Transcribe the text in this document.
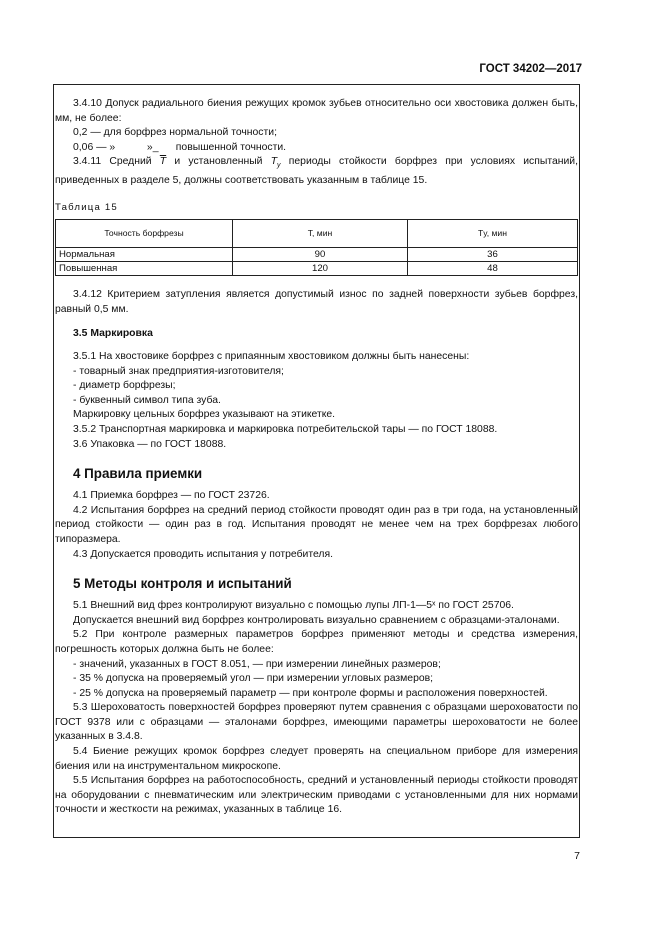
ГОСТ 34202—2017

3.4.10 Допуск радиального биения режущих кромок зубьев относительно оси хвостовика должен быть, мм, не более:

0,2 — для борфрез нормальной точности;

0,06 — »           »_      повышенной точности.

3.4.11 Средний $\overline{T}$ и установленный $T_у$ периоды стойкости борфрез при условиях испытаний, приведенных в разделе 5, должны соответствовать указанным в таблице 15.

Таблица 15
Точность борфрезы	T, мин	Tу, мин
Нормальная	90	36
Повышенная	120	48

3.4.12 Критерием затупления является допустимый износ по задней поверхности зубьев борфрез, равный 0,5 мм.

3.5 Маркировка

3.5.1 На хвостовике борфрез с припаянным хвостовиком должны быть нанесены:

- товарный знак предприятия-изготовителя;

- диаметр борфрезы;

- буквенный символ типа зуба.

Маркировку цельных борфрез указывают на этикетке.

3.5.2 Транспортная маркировка и маркировка потребительской тары — по ГОСТ 18088.

3.6 Упаковка — по ГОСТ 18088.

4 Правила приемки

4.1 Приемка борфрез — по ГОСТ 23726.

4.2 Испытания борфрез на средний период стойкости проводят один раз в три года, на установленный период стойкости — один раз в год. Испытания проводят не менее чем на трех борфрезах любого типоразмера.

4.3 Допускается проводить испытания у потребителя.

5 Методы контроля и испытаний

5.1 Внешний вид фрез контролируют визуально с помощью лупы ЛП-1—5ˣ по ГОСТ 25706.

Допускается внешний вид борфрез контролировать визуально сравнением с образцами-эталонами.

5.2 При контроле размерных параметров борфрез применяют методы и средства измерения, погрешность которых должна быть не более:

- значений, указанных в ГОСТ 8.051, — при измерении линейных размеров;

- 35 % допуска на проверяемый угол — при измерении угловых размеров;

- 25 % допуска на проверяемый параметр — при контроле формы и расположения поверхностей.

5.3 Шероховатость поверхностей борфрез проверяют путем сравнения с образцами шероховатости по ГОСТ 9378 или с образцами — эталонами борфрез, имеющими параметры шероховатости не более указанных в 3.4.8.

5.4 Биение режущих кромок борфрез следует проверять на специальном приборе для измерения биения или на инструментальном микроскопе.

5.5 Испытания борфрез на работоспособность, средний и установленный периоды стойкости проводят на оборудовании с пневматическим или электрическим приводами с установленными для них нормами точности и жесткости на режимах, указанных в таблице 16.

7
